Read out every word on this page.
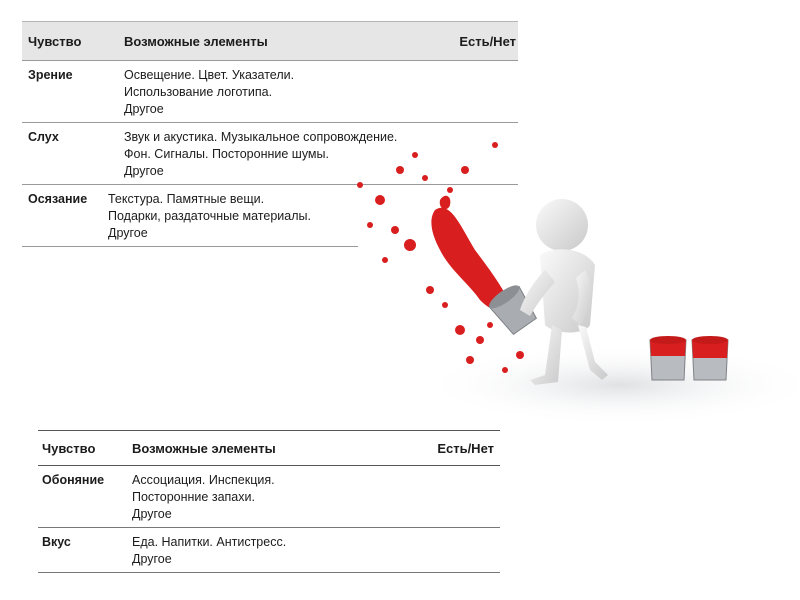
Чувство	Возможные элементы	Есть/Нет
Зрение	Освещение. Цвет. Указатели.
Использование логотипа.
Другое
Слух	Звук и акустика. Музыкальное сопровождение.
Фон. Сигналы. Посторонние шумы.
Другое
Осязание	Текстура. Памятные вещи.
Подарки, раздаточные материалы.
Другое
Чувство	Возможные элементы	Есть/Нет
Обоняние	Ассоциация. Инспекция.
Посторонние запахи.
Другое
Вкус	Еда. Напитки. Антистресс.
Другое
